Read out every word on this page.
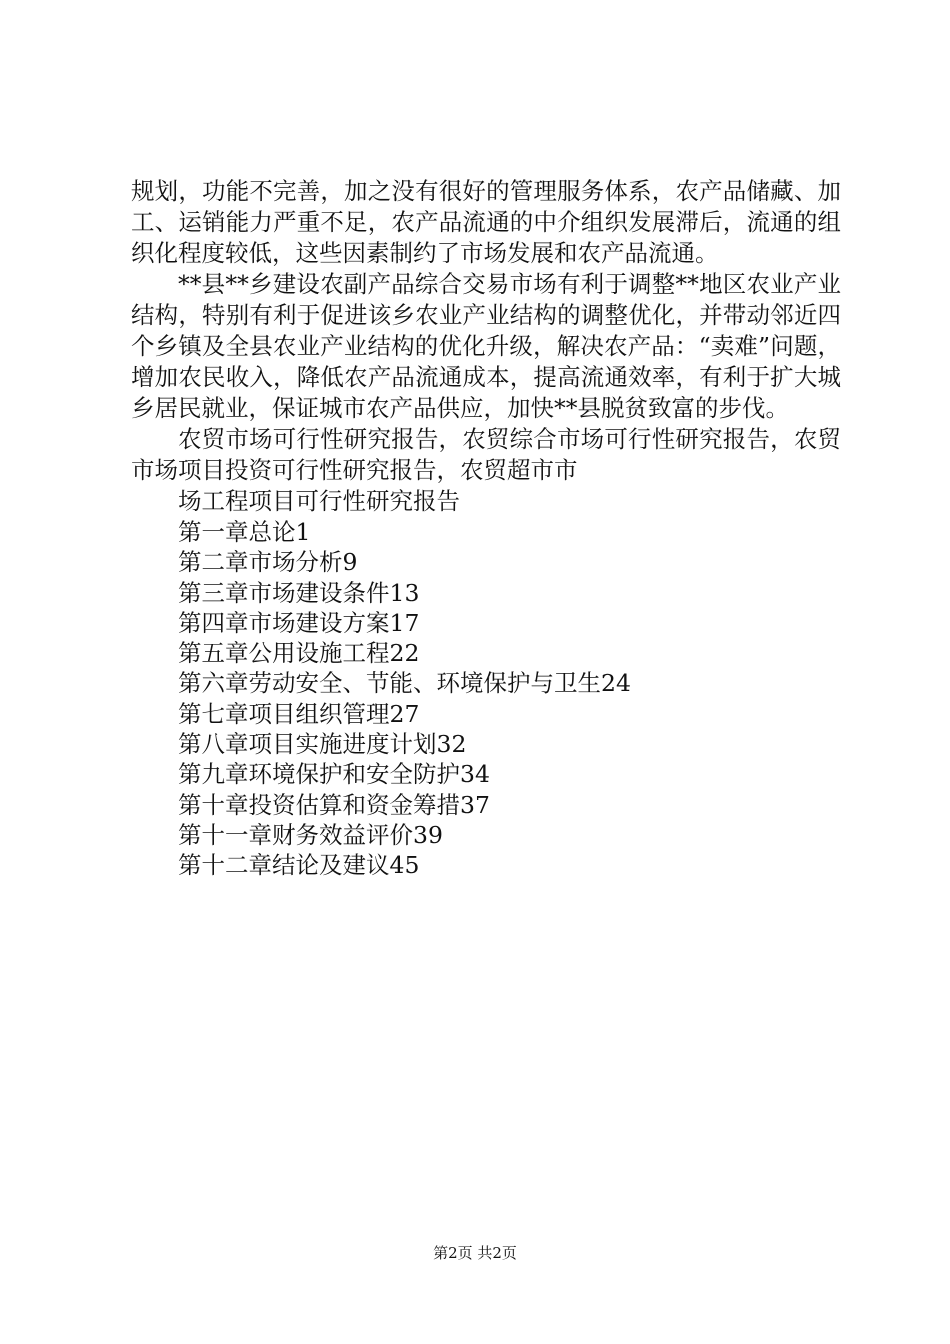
规划，功能不完善，加之没有很好的管理服务体系，农产品储藏、加工、运销能力严重不足，农产品流通的中介组织发展滞后，流通的组织化程度较低，这些因素制约了市场发展和农产品流通。

**县**乡建设农副产品综合交易市场有利于调整**地区农业产业结构，特别有利于促进该乡农业产业结构的调整优化，并带动邻近四个乡镇及全县农业产业结构的优化升级，解决农产品：“卖难”问题，增加农民收入，降低农产品流通成本，提高流通效率，有利于扩大城乡居民就业，保证城市农产品供应，加快**县脱贫致富的步伐。

农贸市场可行性研究报告，农贸综合市场可行性研究报告，农贸市场项目投资可行性研究报告，农贸超市市

场工程项目可行性研究报告

第一章总论1
第二章市场分析9
第三章市场建设条件13
第四章市场建设方案17
第五章公用设施工程22
第六章劳动安全、节能、环境保护与卫生24
第七章项目组织管理27
第八章项目实施进度计划32
第九章环境保护和安全防护34
第十章投资估算和资金筹措37
第十一章财务效益评价39
第十二章结论及建议45
第2页 共2页
